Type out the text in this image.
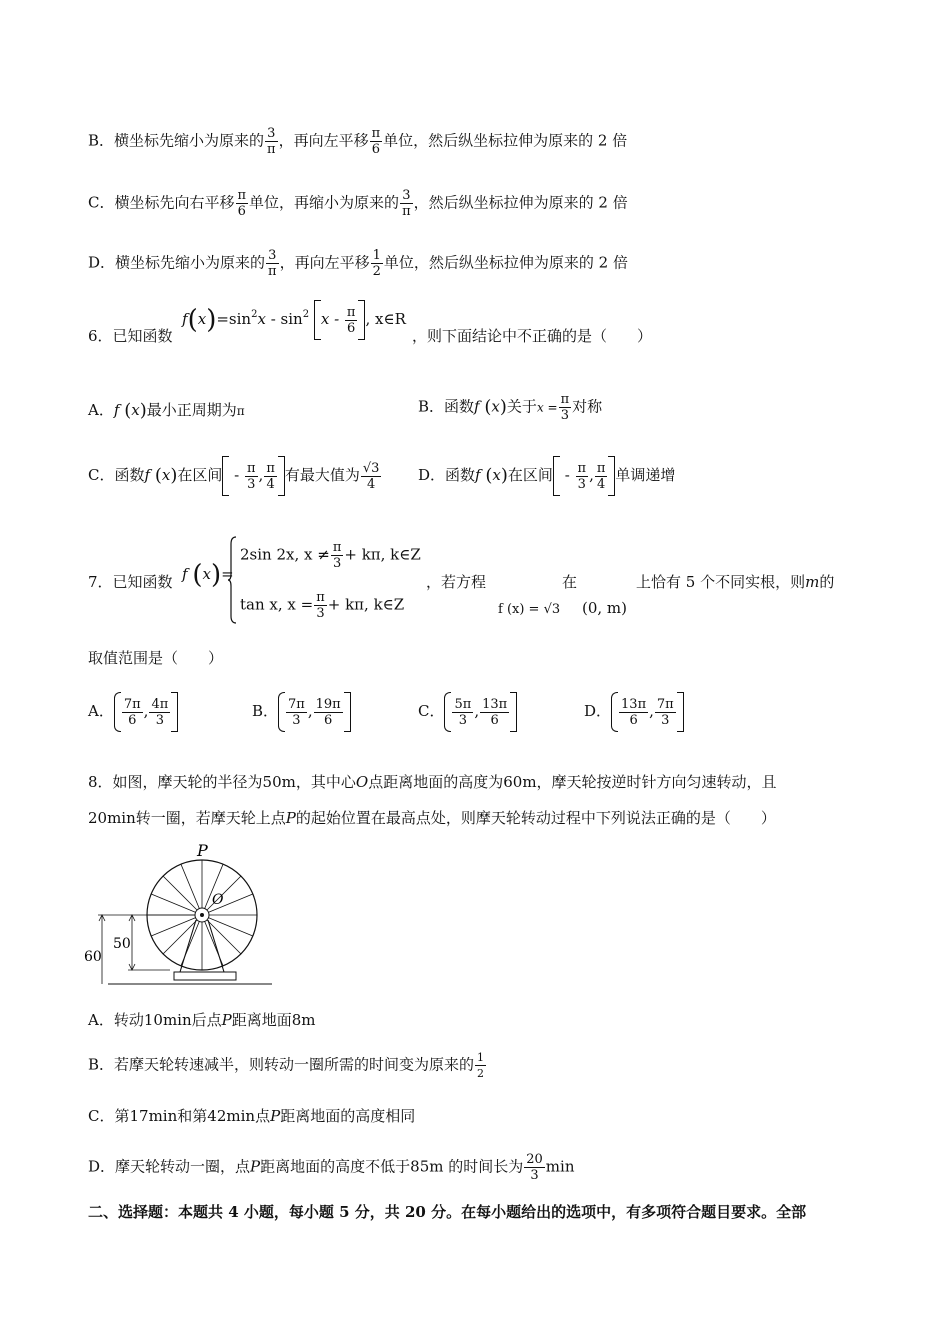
B．横坐标先缩小为原来的 $\frac{3}{\pi}$ ，再向左平移 $\frac{\pi}{6}$ 单位，然后纵坐标拉伸为原来的 2 倍
C．横坐标先向右平移 $\frac{\pi}{6}$ 单位，再缩小为原来的 $\frac{3}{\pi}$ ，然后纵坐标拉伸为原来的 2 倍
D．横坐标先缩小为原来的 $\frac{3}{\pi}$ ，再向左平移 $\frac{1}{2}$ 单位，然后纵坐标拉伸为原来的 2 倍
6．已知函数
$f(x)=\sin^2x - \sin^2 x - \frac{\pi}{6}$ , x∈R
，则下面结论中不正确的是（　　）
A．f (x)最小正周期为π	B．函数f (x)关于$x = \frac{\pi}{3}$ 对称
C．函数f (x)在区间 - $\frac{\pi}{3}$ , $\frac{\pi}{4}$ 有最大值为 $\frac{√3}{4}$ D．函数f (x)在区间 - $\frac{\pi}{3}$ , $\frac{\pi}{4}$ 单调递增
7．已知函数 f (x)=
2sin 2x, $x \ne \frac{\pi}{3} + k\pi$, k∈Z
tan x, $x = \frac{\pi}{3} + k\pi$, k∈Z
，若方程
f (x) = √3
在
(0, m)
上恰有 5 个不同实根，则m的
取值范围是（　　）
A． $\frac{7\pi}{6}$ , $\frac{4\pi}{3}$	B． $\frac{7\pi}{3}$ , $\frac{19\pi}{6}$	C． $\frac{5\pi}{3}$ , $\frac{13\pi}{6}$	D． $\frac{13\pi}{6}$ , $\frac{7\pi}{3}$
8．如图，摩天轮的半径为50m，其中心O点距离地面的高度为60m，摩天轮按逆时针方向匀速转动，且
20min转一圈，若摩天轮上点P的起始位置在最高点处，则摩天轮转动过程中下列说法正确的是（　　）
P
O
60
50
A．转动10min后点P距离地面8m
B．若摩天轮转速减半，则转动一圈所需的时间变为原来的 $\frac{1}{2}$
C．第17min和第42min点P距离地面的高度相同
D．摩天轮转动一圈，点P距离地面的高度不低于85m 的时间长为 $\frac{20}{3}$ min
二、选择题：本题共 4 小题，每小题 5 分，共 20 分。在每小题给出的选项中，有多项符合题目要求。全部
